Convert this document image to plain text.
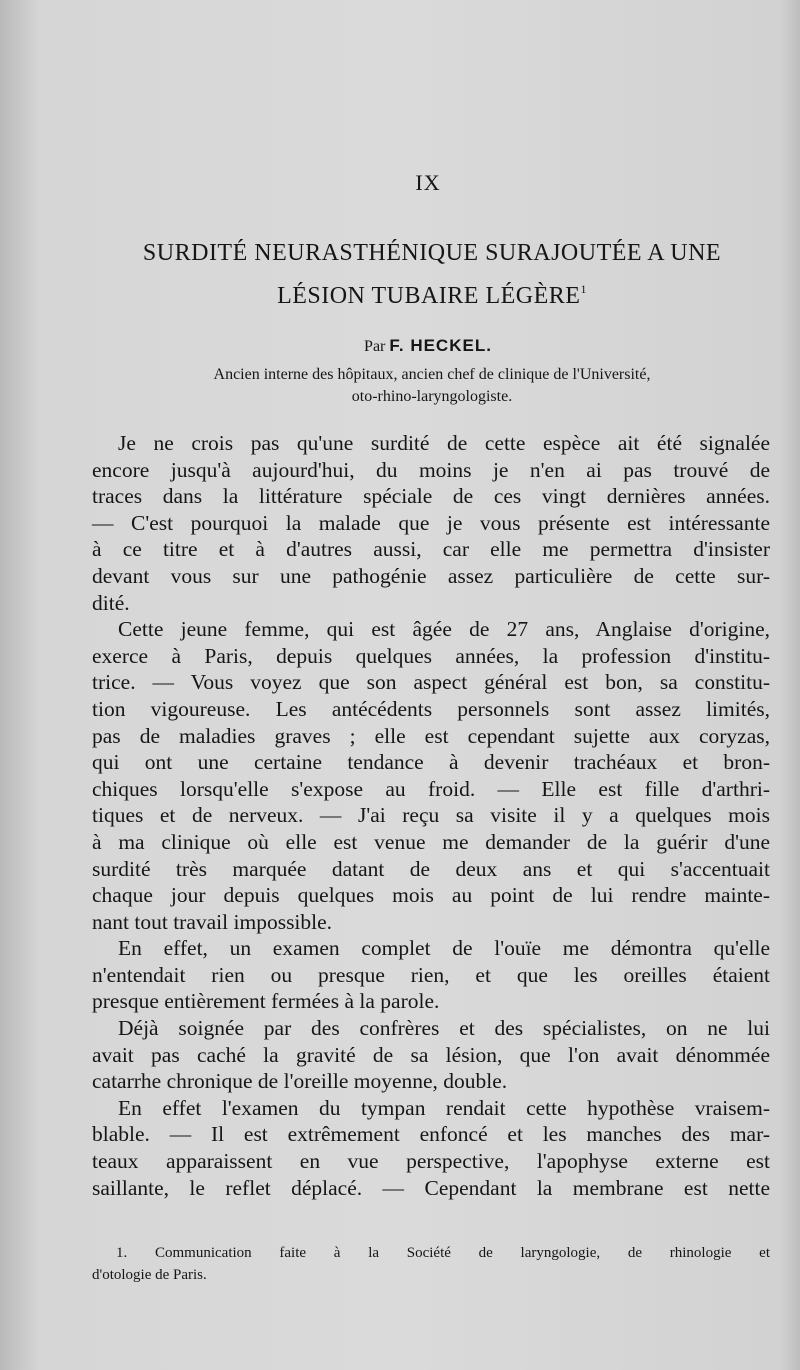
IX
SURDITÉ NEURASTHÉNIQUE SURAJOUTÉE A UNE
LÉSION TUBAIRE LÉGÈRE$^1$
Par F. HECKEL.
Ancien interne des hôpitaux, ancien chef de clinique de l'Université,
oto-rhino-laryngologiste.
Je ne crois pas qu'une surdité de cette espèce ait été signalée
encore jusqu'à aujourd'hui, du moins je n'en ai pas trouvé de
traces dans la littérature spéciale de ces vingt dernières années.
— C'est pourquoi la malade que je vous présente est intéressante
à ce titre et à d'autres aussi, car elle me permettra d'insister
devant vous sur une pathogénie assez particulière de cette sur-
dité.
Cette jeune femme, qui est âgée de 27 ans, Anglaise d'origine,
exerce à Paris, depuis quelques années, la profession d'institu-
trice. — Vous voyez que son aspect général est bon, sa constitu-
tion vigoureuse. Les antécédents personnels sont assez limités,
pas de maladies graves ; elle est cependant sujette aux coryzas,
qui ont une certaine tendance à devenir trachéaux et bron-
chiques lorsqu'elle s'expose au froid. — Elle est fille d'arthri-
tiques et de nerveux. — J'ai reçu sa visite il y a quelques mois
à ma clinique où elle est venue me demander de la guérir d'une
surdité très marquée datant de deux ans et qui s'accentuait
chaque jour depuis quelques mois au point de lui rendre mainte-
nant tout travail impossible.
En effet, un examen complet de l'ouïe me démontra qu'elle
n'entendait rien ou presque rien, et que les oreilles étaient
presque entièrement fermées à la parole.
Déjà soignée par des confrères et des spécialistes, on ne lui
avait pas caché la gravité de sa lésion, que l'on avait dénommée
catarrhe chronique de l'oreille moyenne, double.
En effet l'examen du tympan rendait cette hypothèse vraisem-
blable. — Il est extrêmement enfoncé et les manches des mar-
teaux apparaissent en vue perspective, l'apophyse externe est
saillante, le reflet déplacé. — Cependant la membrane est nette
1. Communication faite à la Société de laryngologie, de rhinologie et
d'otologie de Paris.
